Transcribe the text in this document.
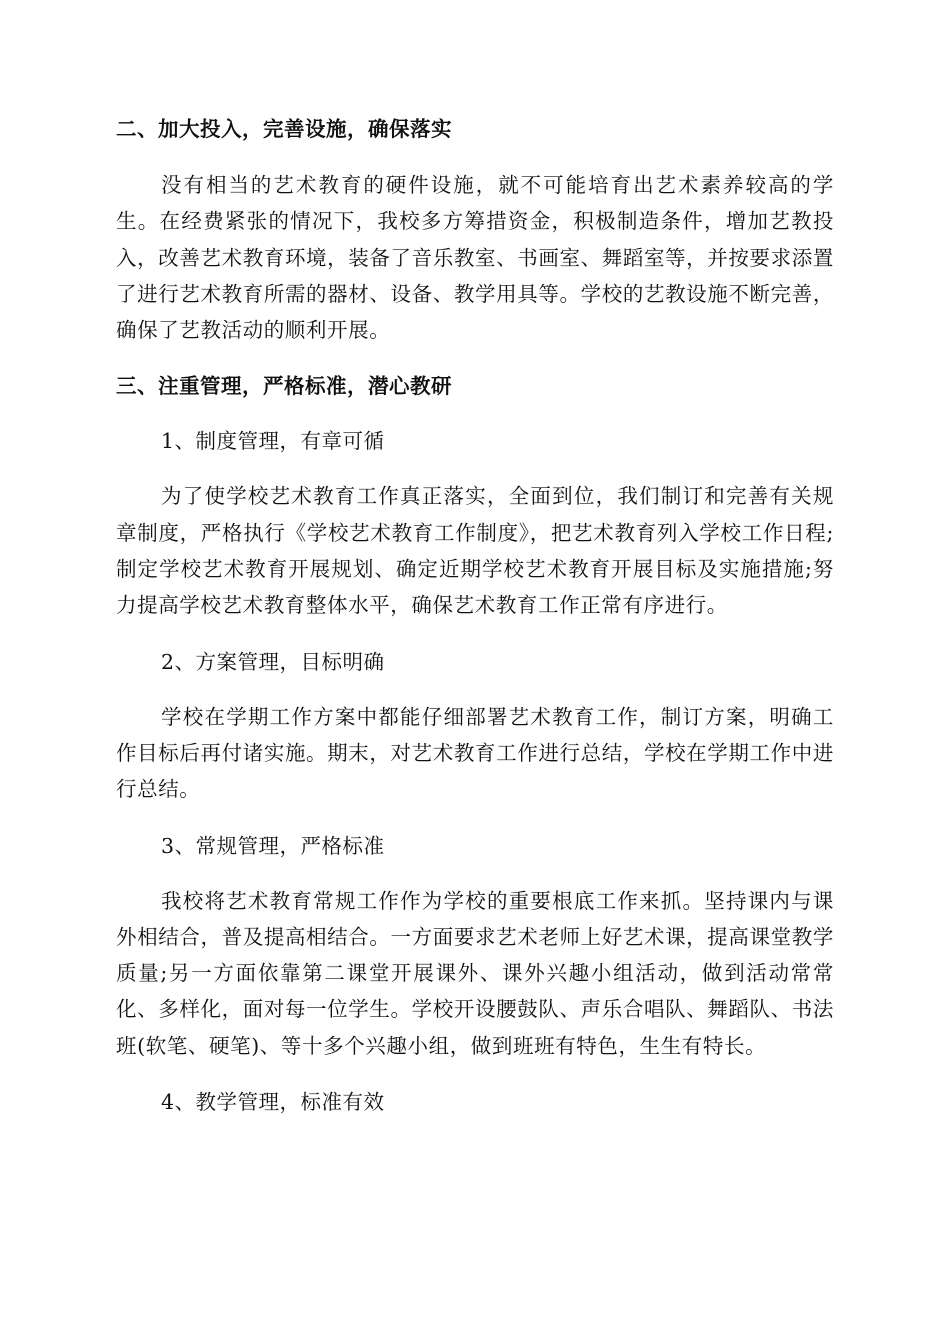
二、加大投入，完善设施，确保落实

没有相当的艺术教育的硬件设施，就不可能培育出艺术素养较高的学生。在经费紧张的情况下，我校多方筹措资金，积极制造条件，增加艺教投入，改善艺术教育环境，装备了音乐教室、书画室、舞蹈室等，并按要求添置了进行艺术教育所需的器材、设备、教学用具等。学校的艺教设施不断完善，确保了艺教活动的顺利开展。

三、注重管理，严格标准，潜心教研

1、制度管理，有章可循

为了使学校艺术教育工作真正落实，全面到位，我们制订和完善有关规章制度，严格执行《学校艺术教育工作制度》，把艺术教育列入学校工作日程;制定学校艺术教育开展规划、确定近期学校艺术教育开展目标及实施措施;努力提高学校艺术教育整体水平，确保艺术教育工作正常有序进行。

2、方案管理，目标明确

学校在学期工作方案中都能仔细部署艺术教育工作，制订方案，明确工作目标后再付诸实施。期末，对艺术教育工作进行总结，学校在学期工作中进行总结。

3、常规管理，严格标准

我校将艺术教育常规工作作为学校的重要根底工作来抓。坚持课内与课外相结合，普及提高相结合。一方面要求艺术老师上好艺术课，提高课堂教学质量;另一方面依靠第二课堂开展课外、课外兴趣小组活动，做到活动常常化、多样化，面对每一位学生。学校开设腰鼓队、声乐合唱队、舞蹈队、书法班(软笔、硬笔)、等十多个兴趣小组，做到班班有特色，生生有特长。

4、教学管理，标准有效
